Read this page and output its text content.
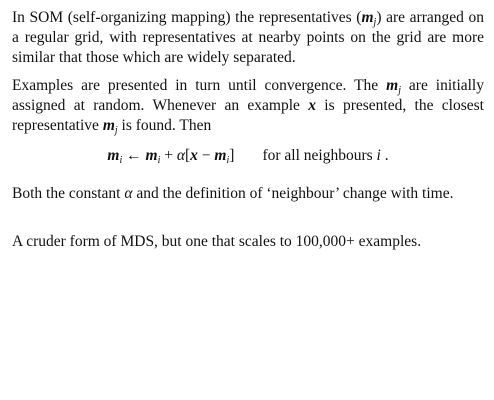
In SOM (self-organizing mapping) the representatives $(m_j)$ are arranged on a regular grid, with representatives at nearby points on the grid are more similar that those which are widely separated.

Examples are presented in turn until convergence. The $m_j$ are initially assigned at random. Whenever an example x is presented, the closest representative $m_j$ is found. Then

$m_i$ ← $m_i + \alpha[x - m_i]$ for all neighbours i .

Both the constant α and the definition of ‘neighbour’ change with time.

A cruder form of MDS, but one that scales to 100,000+ examples.
